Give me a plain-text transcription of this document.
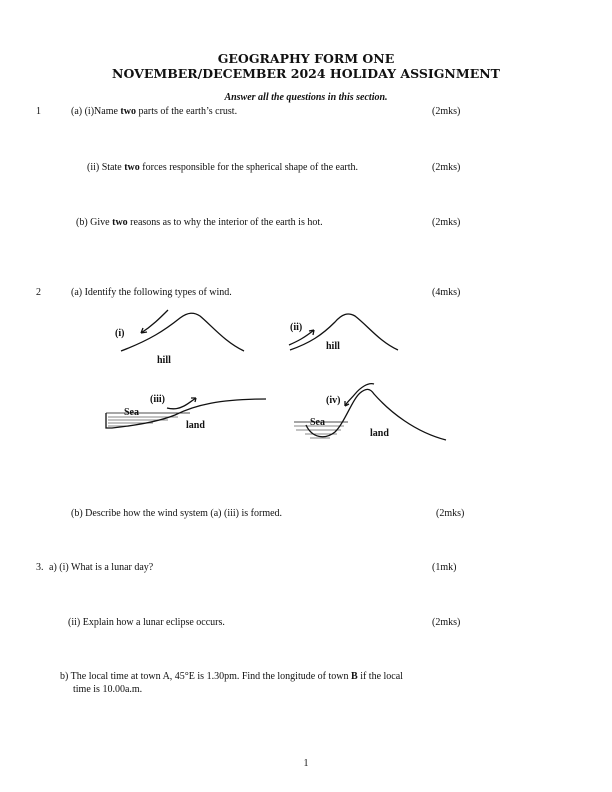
GEOGRAPHY FORM ONE
NOVEMBER/DECEMBER 2024 HOLIDAY ASSIGNMENT
Answer all the questions in this section.
1	(a) (i)Name two parts of the earth’s crust.	(2mks)
(ii) State two forces responsible for the spherical shape of the earth.	(2mks)
(b) Give two reasons as to why the interior of the earth is hot.	(2mks)
2	(a) Identify the following types of wind.	(4mks)
(i)
hill
(ii)
hill
(iii)
Sea
land
(iv)
Sea
land
(b) Describe how the wind system (a) (iii) is formed.	(2mks)
3. a) (i) What is a lunar day?	(1mk)
(ii) Explain how a lunar eclipse occurs.	(2mks)
b) The local time at town A, 45°E is 1.30pm. Find the longitude of town B if the local
time is 10.00a.m.
1
